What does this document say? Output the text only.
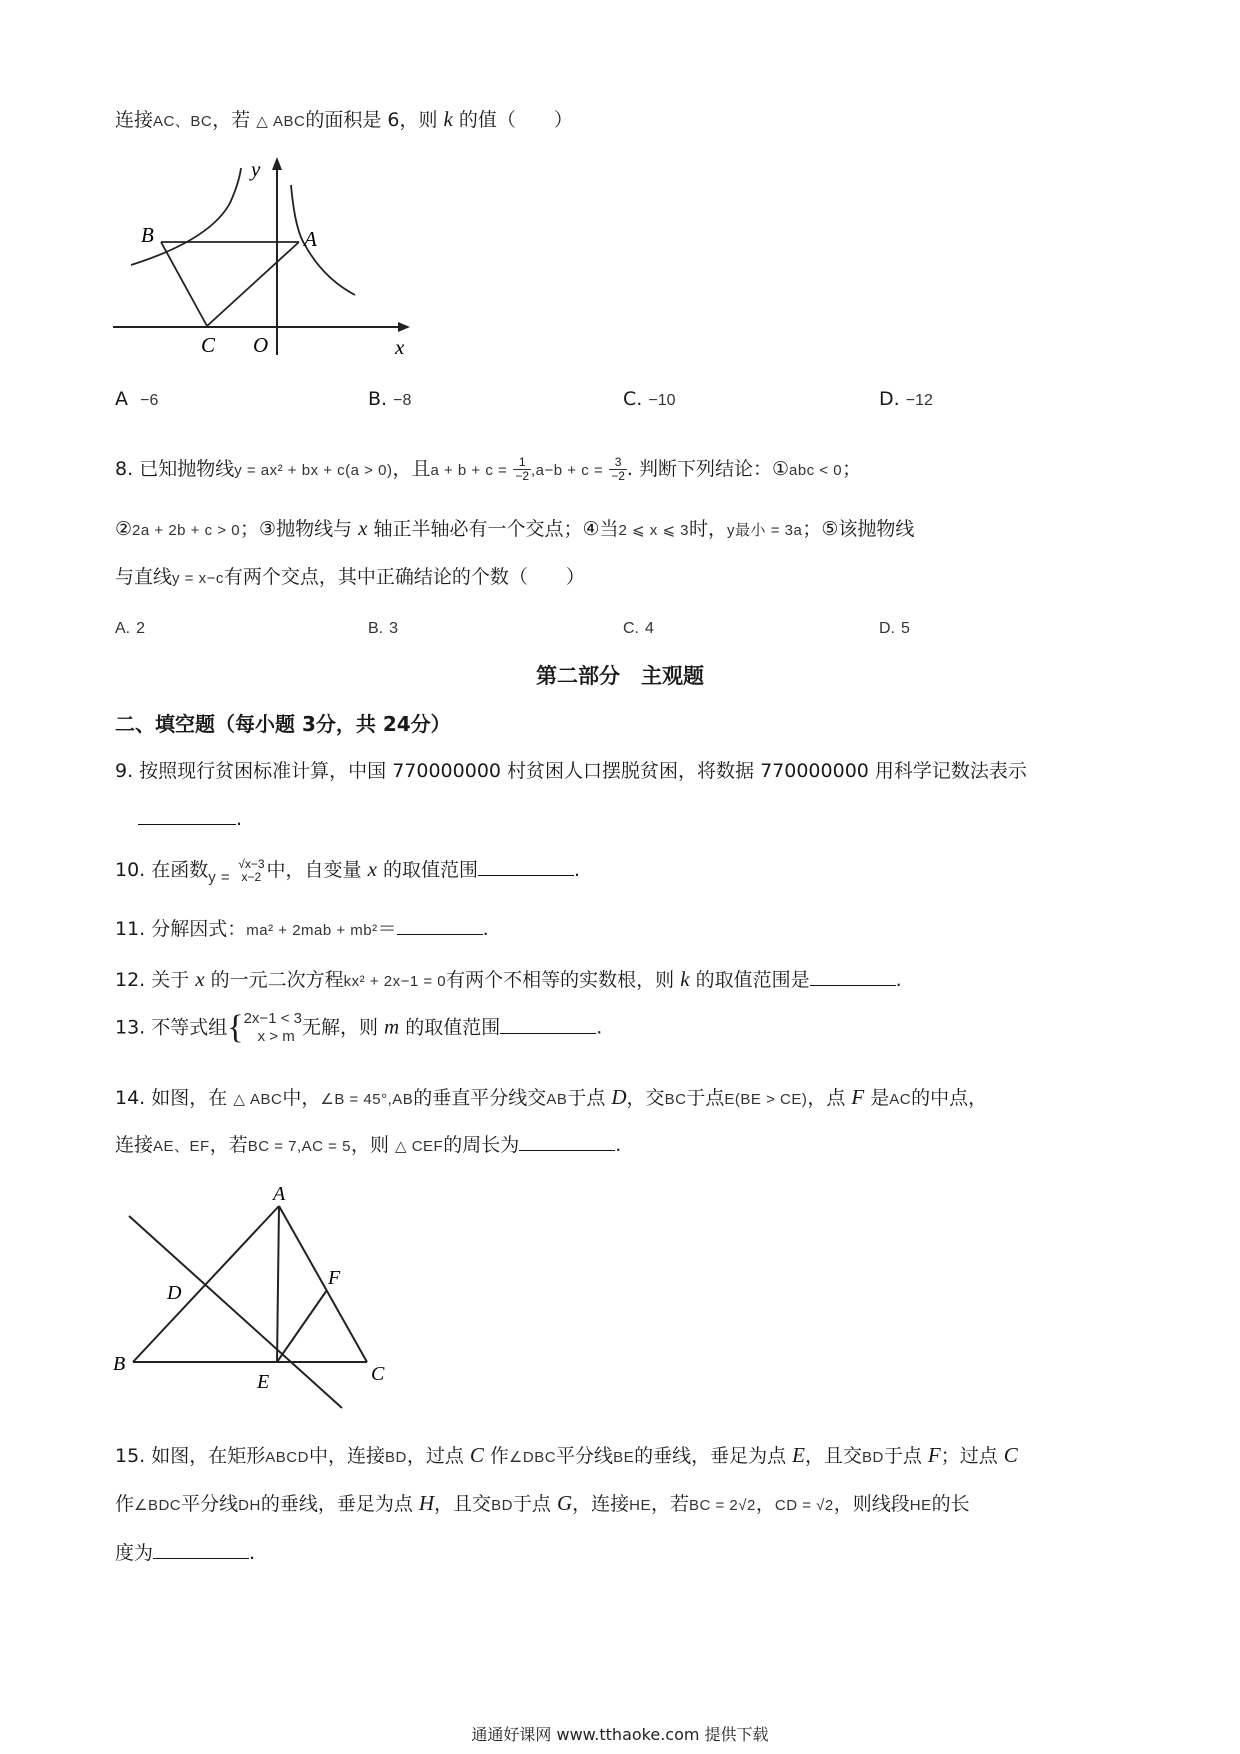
连接AC、BC，若 △ ABC的面积是 6，则 k 的值（　　）
B	A
C O	x
y
A −6	B. −8	C. −10	D. −12
8. 已知抛物线y = ax² + bx + c(a > 0)，且$a + b + c = \frac{1}{-2} ,a-b + c = \frac{3}{-2}$ . 判断下列结论：①abc < 0；
②2a + 2b + c > 0；③抛物线与 x 轴正半轴必有一个交点；④当2 ⩽ x ⩽ 3时，y最小 = 3a；⑤该抛物线
与直线y = x−c有两个交点，其中正确结论的个数（　　）
A. 2	B. 3	C. 4	D. 5
第二部分　主观题
二、填空题（每小题 3分，共 24分）
9. 按照现行贫困标准计算，中国 770000000 村贫困人口摆脱贫困，将数据 770000000 用科学记数法表示
.
10. 在函数$_{y =}$
√x−3
x−2 中，自变量 x 的取值范围	.
11. 分解因式：ma² + 2mab + mb²＝	.
12. 关于 x 的一元二次方程kx² + 2x−1 = 0有两个不相等的实数根，则 k 的取值范围是	.
13. 不等式组{ 2x−1 < 3
x > m 无解，则 m 的取值范围	.
14. 如图，在 △ ABC中，∠B = 45°,AB的垂直平分线交AB于点 D，交BC于点E(BE > CE)，点 F 是AC的中点，
连接AE、EF，若BC = 7,AC = 5，则 △ CEF的周长为	.
A
B	C
D
E
F
15. 如图，在矩形ABCD中，连接BD，过点 C 作∠DBC平分线BE的垂线，垂足为点 E，且交BD于点 F；过点 C
作∠BDC平分线DH的垂线，垂足为点 H，且交BD于点 G，连接HE，若BC = 2√2，CD = √2，则线段HE的长
度为	.
通通好课网 www.tthaoke.com 提供下载
